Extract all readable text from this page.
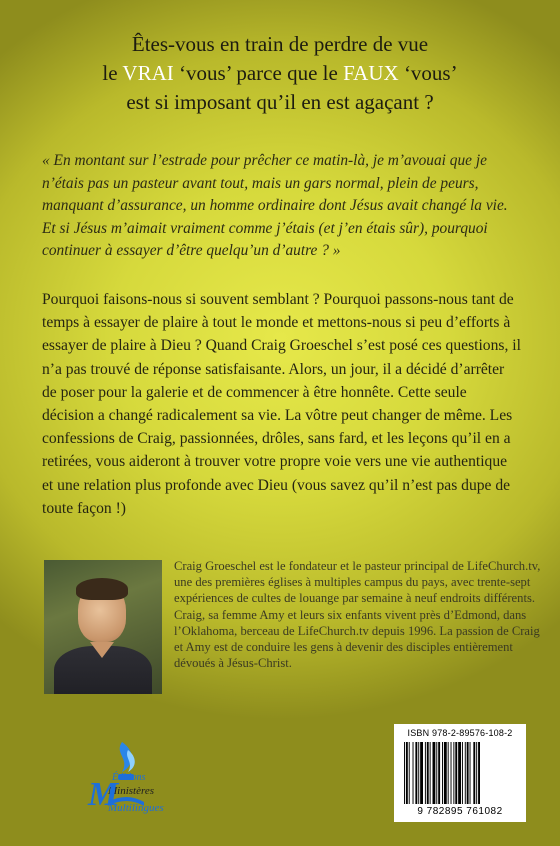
Êtes-vous en train de perdre de vue
le VRAI ‘vous’ parce que le FAUX ‘vous’
est si imposant qu’il en est agaçant ?
« En montant sur l’estrade pour prêcher ce matin-là, je m’avouai que je n’étais pas un pasteur avant tout, mais un gars normal, plein de peurs, manquant d’assurance, un homme ordinaire dont Jésus avait changé la vie. Et si Jésus m’aimait vraiment comme j’étais (et j’en étais sûr), pourquoi continuer à essayer d’être quelqu’un d’autre ? »
Pourquoi faisons-nous si souvent semblant ? Pourquoi passons-nous tant de temps à essayer de plaire à tout le monde et mettons-nous si peu d’efforts à essayer de plaire à Dieu ? Quand Craig Groeschel s’est posé ces questions, il n’a pas trouvé de réponse satisfaisante. Alors, un jour, il a décidé d’arrêter de poser pour la galerie et de commencer à être honnête. Cette seule décision a changé radicalement sa vie. La vôtre peut changer de même. Les confessions de Craig, passionnées, drôles, sans fard, et les leçons qu’il en a retirées, vous aideront à trouver votre propre voie vers une vie authentique et une relation plus profonde avec Dieu (vous savez qu’il n’est pas dupe de toute façon !)
Craig Groeschel est le fondateur et le pasteur principal de LifeChurch.tv, une des premières églises à multiples campus du pays, avec trente-sept expériences de cultes de louange par semaine à neuf endroits différents. Craig, sa femme Amy et leurs six enfants vivent près d’Edmond, dans l’Oklahoma, berceau de LifeChurch.tv depuis 1996. La passion de Craig et Amy est de conduire les gens à devenir des disciples entièrement dévoués à Jésus-Christ.
Éditions
Ministères
Multilingues
M
ISBN 978-2-89576-108-2
9 782895 761082
